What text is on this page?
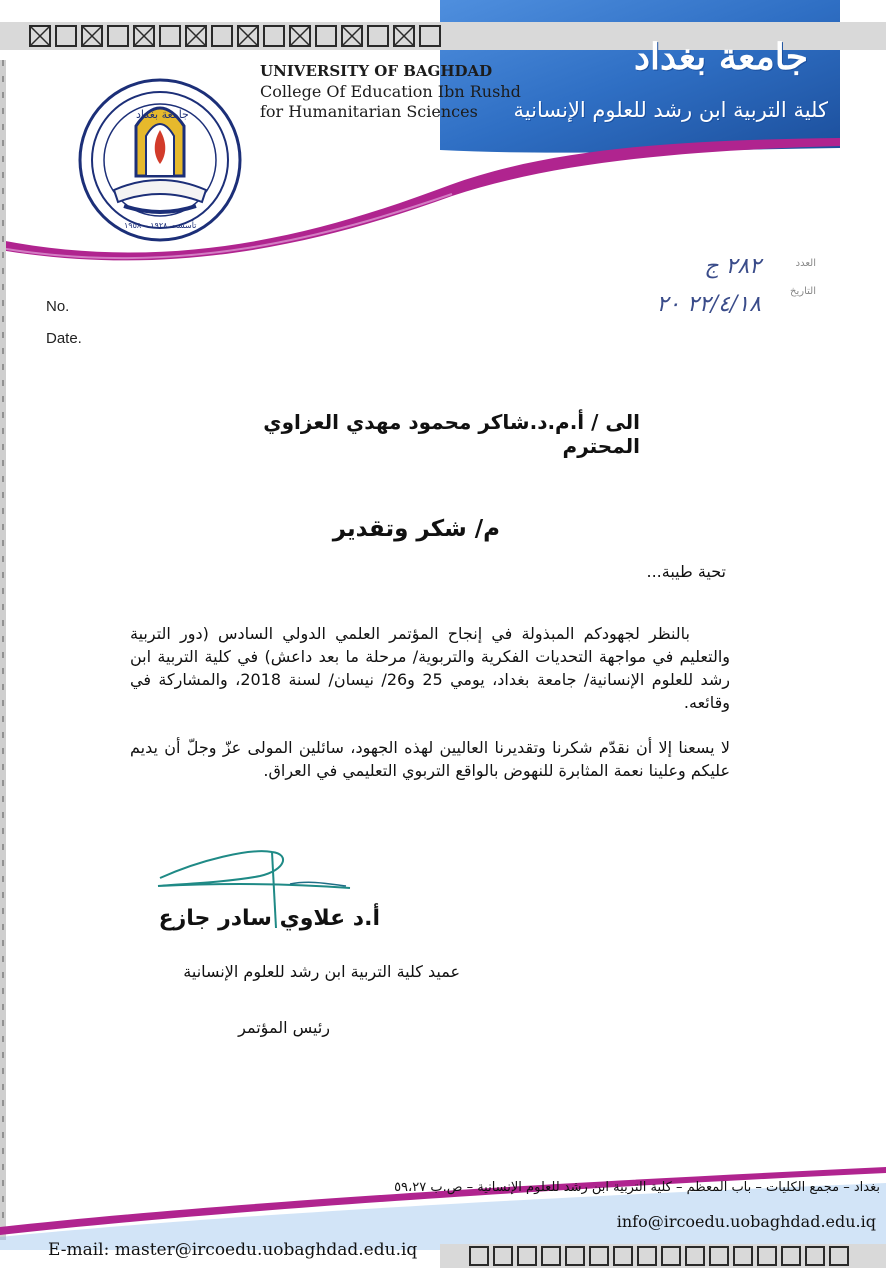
UNIVERSITY OF BAGHDAD
College Of Education Ibn Rushd
for Humanitarian Sciences
جامعة بغداد
كلية التربية ابن رشد للعلوم الإنسانية
جامعة بغداد
تأسست ١٩٢٨ – ١٩٥٨
العدد
التاريخ
٢٨٢ ج
٢٢/٤/١٨ ٢٠
No.
Date.
الى / أ.م.د.شاكر محمود مهدي العزاوي المحترم
م/ شكر وتقدير
تحية طيبة...

بالنظر لجهودكم المبذولة في إنجاح المؤتمر العلمي الدولي السادس (دور التربية والتعليم في مواجهة التحديات الفكرية والتربوية/ مرحلة ما بعد داعش) في كلية التربية ابن رشد للعلوم الإنسانية/ جامعة بغداد، يومي 25 و26/ نيسان/ لسنة 2018، والمشاركة في وقائعه.

لا يسعنا إلا أن نقدّم شكرنا وتقديرنا العاليين لهذه الجهود، سائلين المولى عزّ وجلّ أن يديم عليكم وعلينا نعمة المثابرة للنهوض بالواقع التربوي التعليمي في العراق.

أ.د علاوي سادر جازع
عميد كلية التربية ابن رشد للعلوم الإنسانية
رئيس المؤتمر
بغداد – مجمع الكليات – باب المعظم – كلية التربية ابن رشد للعلوم الإنسانية – ص.ب ٥٩،٢٧
info@ircoedu.uobaghdad.edu.iq
E-mail: master@ircoedu.uobaghdad.edu.iq
